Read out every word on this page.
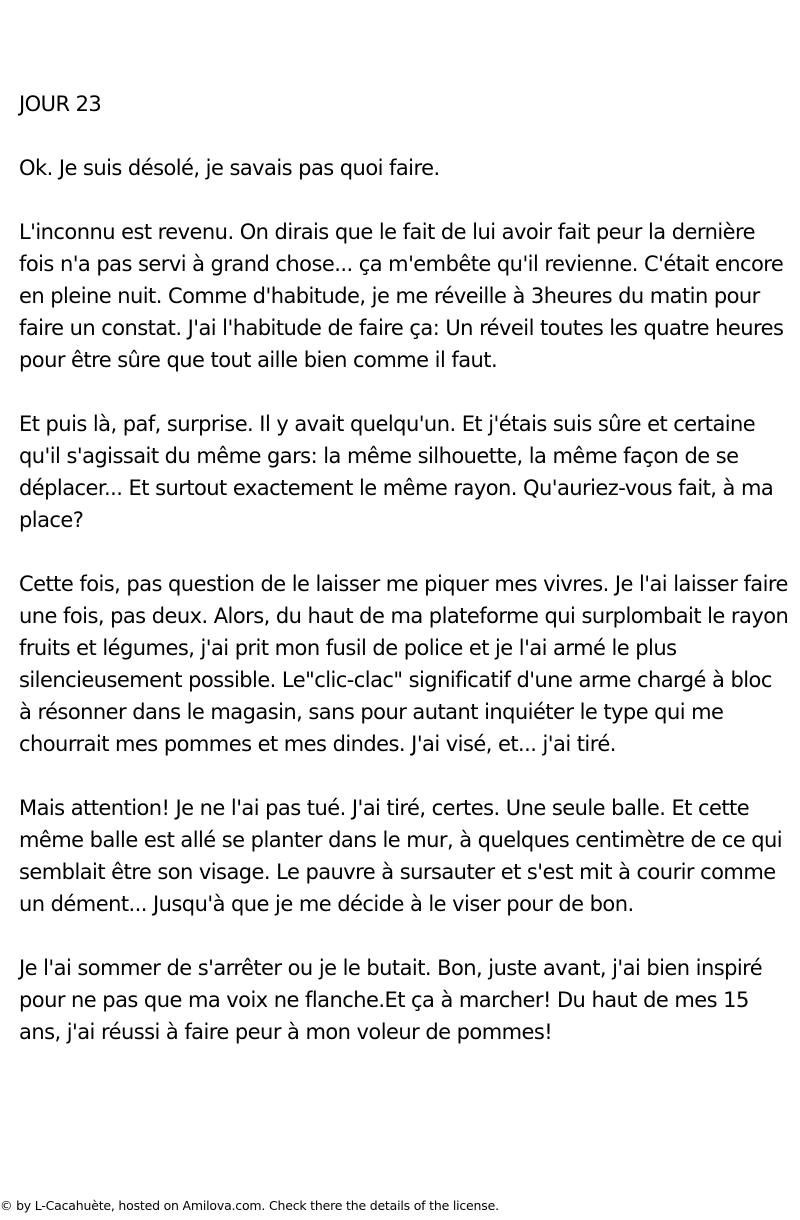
JOUR 23

Ok. Je suis désolé, je savais pas quoi faire.

L'inconnu est revenu. On dirais que le fait de lui avoir fait peur la dernière fois n'a pas servi à grand chose... ça m'embête qu'il revienne. C'était encore en pleine nuit. Comme d'habitude, je me réveille à 3heures du matin pour faire un constat. J'ai l'habitude de faire ça: Un réveil toutes les quatre heures pour être sûre que tout aille bien comme il faut.

Et puis là, paf, surprise. Il y avait quelqu'un. Et j'étais suis sûre et certaine qu'il s'agissait du même gars: la même silhouette, la même façon de se déplacer... Et surtout exactement le même rayon. Qu'auriez-vous fait, à ma place?

Cette fois, pas question de le laisser me piquer mes vivres. Je l'ai laisser faire une fois, pas deux. Alors, du haut de ma plateforme qui surplombait le rayon fruits et légumes, j'ai prit mon fusil de police et je l'ai armé le plus silencieusement possible. Le"clic-clac" significatif d'une arme chargé à bloc à résonner dans le magasin, sans pour autant inquiéter le type qui me chourrait mes pommes et mes dindes. J'ai visé, et... j'ai tiré.

Mais attention! Je ne l'ai pas tué. J'ai tiré, certes. Une seule balle. Et cette même balle est allé se planter dans le mur, à quelques centimètre de ce qui semblait être son visage. Le pauvre à sursauter et s'est mit à courir comme un dément... Jusqu'à que je me décide à le viser pour de bon.

Je l'ai sommer de s'arrêter ou je le butait. Bon, juste avant, j'ai bien inspiré pour ne pas que ma voix ne flanche.Et ça à marcher! Du haut de mes 15 ans, j'ai réussi à faire peur à mon voleur de pommes!

© by L-Cacahuète, hosted on Amilova.com. Check there the details of the license.
